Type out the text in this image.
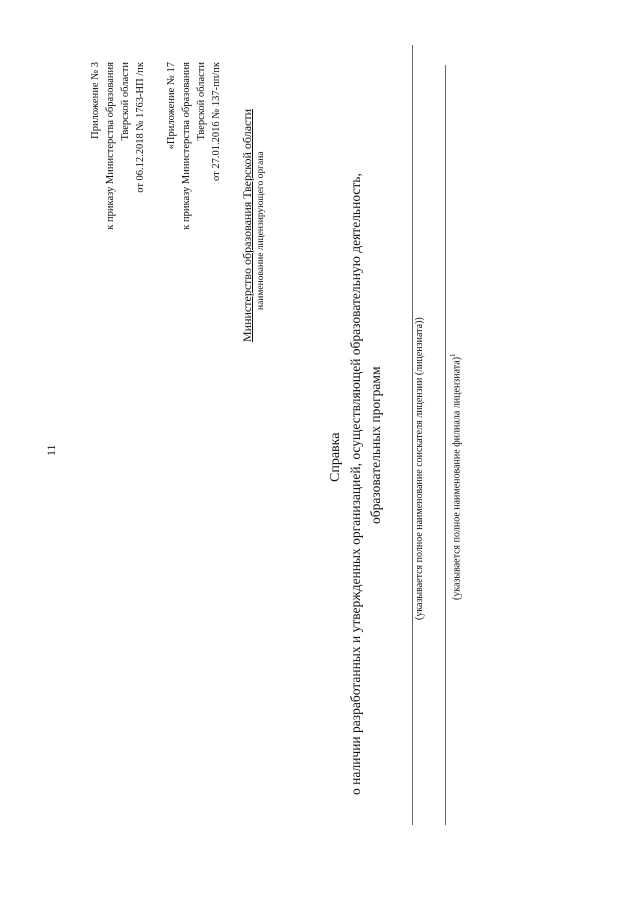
11
Приложение № 3 к приказу Министерства образования Тверской области от 06.12.2018 № 1763-НП /пк «Приложение № 17 к приказу Министерства образования Тверской области от 27.01.2016 № 137-пп/пк Министерство образования Тверской области наименование лицензирующего органа
Справка о наличии разработанных и утвержденных организацией, осуществляющей образовательную деятельность, образовательных программ	(указывается полное наименование соискателя лицензии (лицензиата))	(указывается полное наименование филиала лицензиата)$^1$
